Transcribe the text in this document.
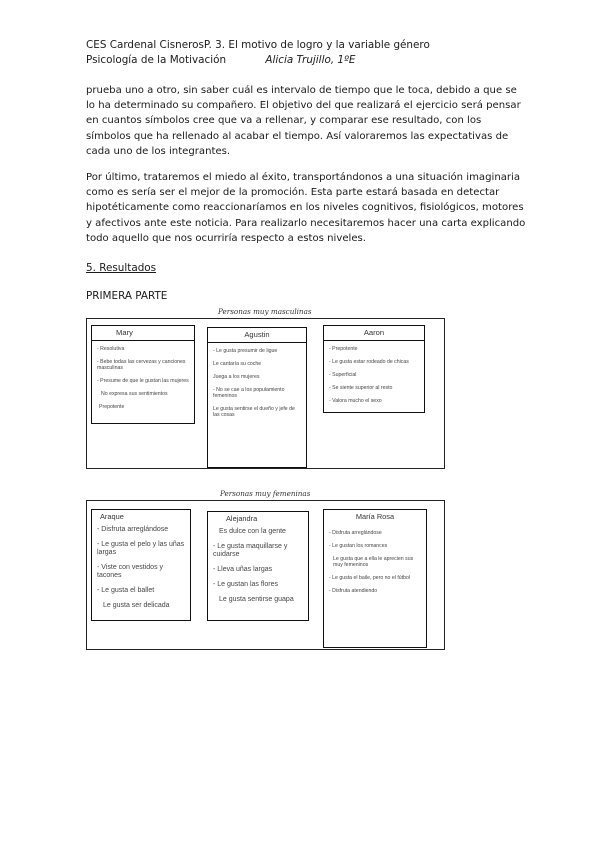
CES Cardenal CisnerosP. 3. El motivo de logro y la variable género
Psicología de la Motivación	Alicia Trujillo, 1ºE

prueba uno a otro, sin saber cuál es intervalo de tiempo que le toca, debido a que se lo ha determinado su compañero. El objetivo del que realizará el ejercicio será pensar en cuantos símbolos cree que va a rellenar, y comparar ese resultado, con los símbolos que ha rellenado al acabar el tiempo. Así valoraremos las expectativas de cada uno de los integrantes.

Por último, trataremos el miedo al éxito, transportándonos a una situación imaginaria como es sería ser el mejor de la promoción. Esta parte estará basada en detectar hipotéticamente como reaccionaríamos en los niveles cognitivos, fisiológicos, motores y afectivos ante este noticia. Para realizarlo necesitaremos hacer una carta explicando todo aquello que nos ocurriría respecto a estos niveles.

5. Resultados
PRIMERA PARTE
Personas muy masculinas
Mary
- Resolutiva
- Bebe todas las cervezas y canciones masculinas
- Presume de que le gustan las mujeres
No expresa sus sentimientos
Prepotente
Agustin
- Le gusta presumir de ligue
Le cantaría su coche
Juega a los mujeres
- No se cae a los populamiento femeninos
Le gusta sentirse el dueño y jefe de las cosas
Aaron
- Prepotente
- Le gusta estar rodeado de chicas
- Superficial
- Se siente superior al resto
- Valora mucho el sexo
Personas muy femeninas
Araque
- Disfruta arreglándose
- Le gusta el pelo y las uñas largas
- Viste con vestidos y tacones
- Le gusta el ballet
Le gusta ser delicada
Alejandra
Es dulce con la gente
- Le gusta maquillarse y cuidarse
- Lleva uñas largas
- Le gustan las flores
Le gusta sentirse guapa
María Rosa
- Disfruta arreglándose
- Le gustan los romances
Le gusta que a ella le aprecien sus muy femeninos
- Le gusta el baile, pero no el fútbol
- Disfruta atendiendo
